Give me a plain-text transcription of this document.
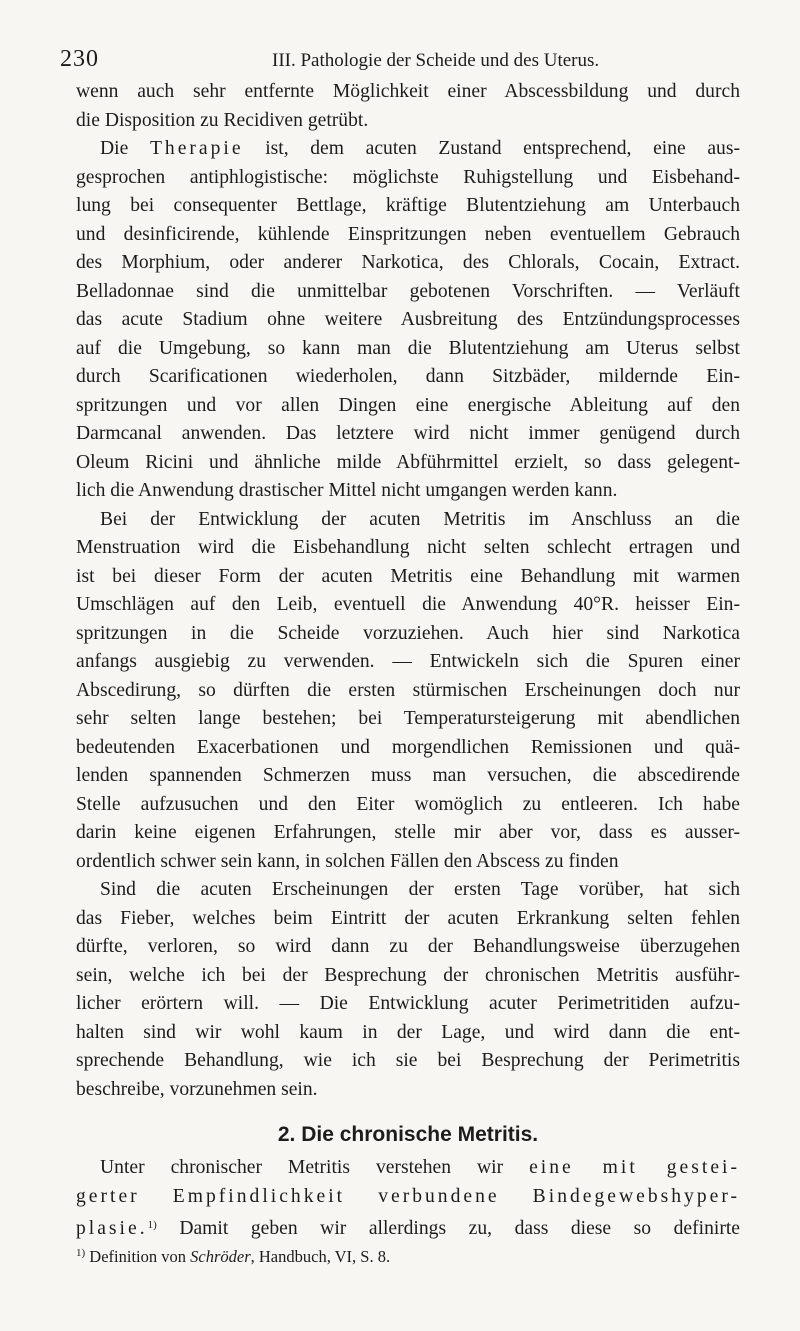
230	III. Pathologie der Scheide und des Uterus.
wenn auch sehr entfernte Möglichkeit einer Abscessbildung und durch
die Disposition zu Recidiven getrübt.
Die Therapie ist, dem acuten Zustand entsprechend, eine aus-
gesprochen antiphlogistische: möglichste Ruhigstellung und Eisbehand-
lung bei consequenter Bettlage, kräftige Blutentziehung am Unterbauch
und desinficirende, kühlende Einspritzungen neben eventuellem Gebrauch
des Morphium, oder anderer Narkotica, des Chlorals, Cocain, Extract.
Belladonnae sind die unmittelbar gebotenen Vorschriften. — Verläuft
das acute Stadium ohne weitere Ausbreitung des Entzündungsprocesses
auf die Umgebung, so kann man die Blutentziehung am Uterus selbst
durch Scarificationen wiederholen, dann Sitzbäder, mildernde Ein-
spritzungen und vor allen Dingen eine energische Ableitung auf den
Darmcanal anwenden. Das letztere wird nicht immer genügend durch
Oleum Ricini und ähnliche milde Abführmittel erzielt, so dass gelegent-
lich die Anwendung drastischer Mittel nicht umgangen werden kann.
Bei der Entwicklung der acuten Metritis im Anschluss an die
Menstruation wird die Eisbehandlung nicht selten schlecht ertragen und
ist bei dieser Form der acuten Metritis eine Behandlung mit warmen
Umschlägen auf den Leib, eventuell die Anwendung 40°R. heisser Ein-
spritzungen in die Scheide vorzuziehen. Auch hier sind Narkotica
anfangs ausgiebig zu verwenden. — Entwickeln sich die Spuren einer
Abscedirung, so dürften die ersten stürmischen Erscheinungen doch nur
sehr selten lange bestehen; bei Temperatursteigerung mit abendlichen
bedeutenden Exacerbationen und morgendlichen Remissionen und quä-
lenden spannenden Schmerzen muss man versuchen, die abscedirende
Stelle aufzusuchen und den Eiter womöglich zu entleeren. Ich habe
darin keine eigenen Erfahrungen, stelle mir aber vor, dass es ausser-
ordentlich schwer sein kann, in solchen Fällen den Abscess zu finden
Sind die acuten Erscheinungen der ersten Tage vorüber, hat sich
das Fieber, welches beim Eintritt der acuten Erkrankung selten fehlen
dürfte, verloren, so wird dann zu der Behandlungsweise überzugehen
sein, welche ich bei der Besprechung der chronischen Metritis ausführ-
licher erörtern will. — Die Entwicklung acuter Perimetritiden aufzu-
halten sind wir wohl kaum in der Lage, und wird dann die ent-
sprechende Behandlung, wie ich sie bei Besprechung der Perimetritis
beschreibe, vorzunehmen sein.
2. Die chronische Metritis.
Unter chronischer Metritis verstehen wir eine mit gestei-
gerter Empfindlichkeit verbundene Bindegewebshyper-
plasie.$^{1)}$ Damit geben wir allerdings zu, dass diese so definirte
$^{1)}$ Definition von Schröder, Handbuch, VI, S. 8.
